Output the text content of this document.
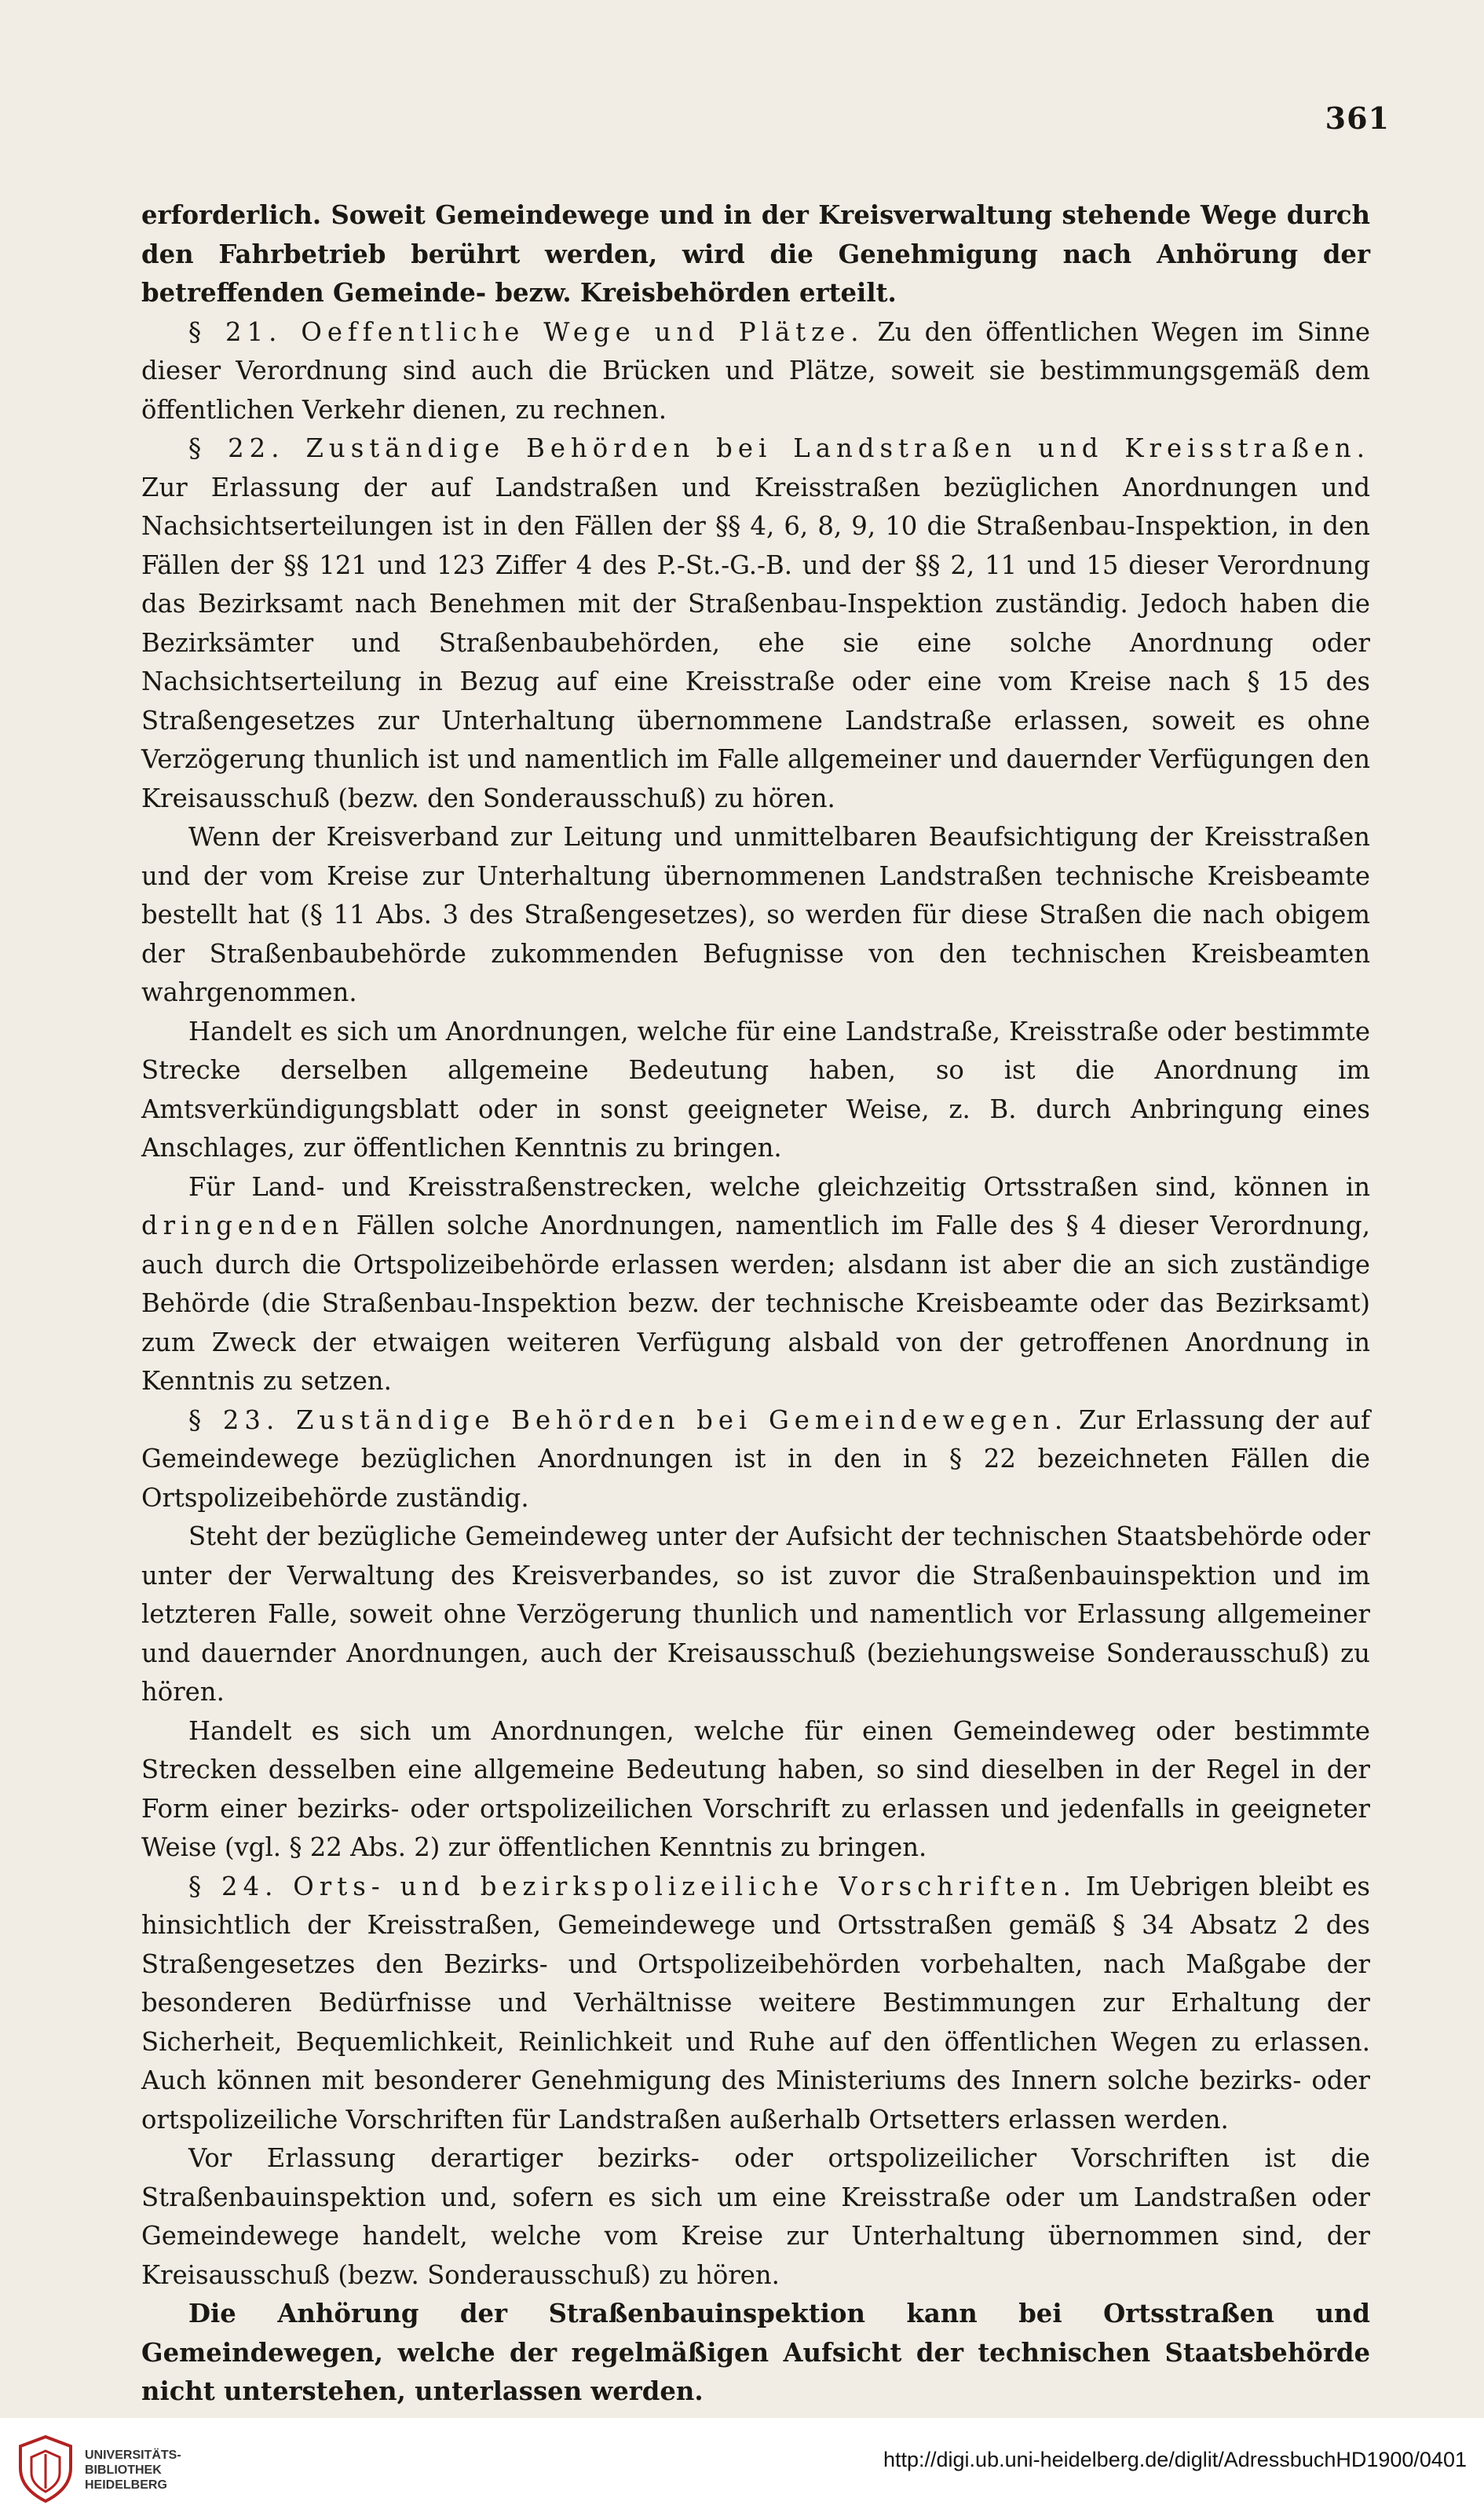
361

erforderlich. Soweit Gemeindewege und in der Kreisverwaltung stehende Wege durch den Fahrbetrieb berührt werden, wird die Genehmigung nach Anhörung der betreffenden Gemeinde- bezw. Kreisbehörden erteilt.

§ 21. Oeffentliche Wege und Plätze. Zu den öffentlichen Wegen im Sinne dieser Verordnung sind auch die Brücken und Plätze, soweit sie bestimmungsgemäß dem öffentlichen Verkehr dienen, zu rechnen.

§ 22. Zuständige Behörden bei Landstraßen und Kreisstraßen. Zur Erlassung der auf Landstraßen und Kreisstraßen bezüglichen Anordnungen und Nachsichtserteilungen ist in den Fällen der §§ 4, 6, 8, 9, 10 die Straßenbau-Inspektion, in den Fällen der §§ 121 und 123 Ziffer 4 des P.-St.-G.-B. und der §§ 2, 11 und 15 dieser Verordnung das Bezirksamt nach Benehmen mit der Straßenbau-Inspektion zuständig. Jedoch haben die Bezirksämter und Straßenbaubehörden, ehe sie eine solche Anordnung oder Nachsichtserteilung in Bezug auf eine Kreisstraße oder eine vom Kreise nach § 15 des Straßengesetzes zur Unterhaltung übernommene Landstraße erlassen, soweit es ohne Verzögerung thunlich ist und namentlich im Falle allgemeiner und dauernder Verfügungen den Kreisausschuß (bezw. den Sonderausschuß) zu hören.

Wenn der Kreisverband zur Leitung und unmittelbaren Beaufsichtigung der Kreisstraßen und der vom Kreise zur Unterhaltung übernommenen Landstraßen technische Kreisbeamte bestellt hat (§ 11 Abs. 3 des Straßengesetzes), so werden für diese Straßen die nach obigem der Straßenbaubehörde zukommenden Befugnisse von den technischen Kreisbeamten wahrgenommen.

Handelt es sich um Anordnungen, welche für eine Landstraße, Kreisstraße oder bestimmte Strecke derselben allgemeine Bedeutung haben, so ist die Anordnung im Amtsverkündigungsblatt oder in sonst geeigneter Weise, z. B. durch Anbringung eines Anschlages, zur öffentlichen Kenntnis zu bringen.

Für Land- und Kreisstraßenstrecken, welche gleichzeitig Ortsstraßen sind, können in dringenden Fällen solche Anordnungen, namentlich im Falle des § 4 dieser Verordnung, auch durch die Ortspolizeibehörde erlassen werden; alsdann ist aber die an sich zuständige Behörde (die Straßenbau-Inspektion bezw. der technische Kreisbeamte oder das Bezirksamt) zum Zweck der etwaigen weiteren Verfügung alsbald von der getroffenen Anordnung in Kenntnis zu setzen.

§ 23. Zuständige Behörden bei Gemeindewegen. Zur Erlassung der auf Gemeindewege bezüglichen Anordnungen ist in den in § 22 bezeichneten Fällen die Ortspolizeibehörde zuständig.

Steht der bezügliche Gemeindeweg unter der Aufsicht der technischen Staatsbehörde oder unter der Verwaltung des Kreisverbandes, so ist zuvor die Straßenbauinspektion und im letzteren Falle, soweit ohne Verzögerung thunlich und namentlich vor Erlassung allgemeiner und dauernder Anordnungen, auch der Kreisausschuß (beziehungsweise Sonderausschuß) zu hören.

Handelt es sich um Anordnungen, welche für einen Gemeindeweg oder bestimmte Strecken desselben eine allgemeine Bedeutung haben, so sind dieselben in der Regel in der Form einer bezirks- oder ortspolizeilichen Vorschrift zu erlassen und jedenfalls in geeigneter Weise (vgl. § 22 Abs. 2) zur öffentlichen Kenntnis zu bringen.

§ 24. Orts- und bezirkspolizeiliche Vorschriften. Im Uebrigen bleibt es hinsichtlich der Kreisstraßen, Gemeindewege und Ortsstraßen gemäß § 34 Absatz 2 des Straßengesetzes den Bezirks- und Ortspolizeibehörden vorbehalten, nach Maßgabe der besonderen Bedürfnisse und Verhältnisse weitere Bestimmungen zur Erhaltung der Sicherheit, Bequemlichkeit, Reinlichkeit und Ruhe auf den öffentlichen Wegen zu erlassen. Auch können mit besonderer Genehmigung des Ministeriums des Innern solche bezirks- oder ortspolizeiliche Vorschriften für Landstraßen außerhalb Ortsetters erlassen werden.

Vor Erlassung derartiger bezirks- oder ortspolizeilicher Vorschriften ist die Straßenbauinspektion und, sofern es sich um eine Kreisstraße oder um Landstraßen oder Gemeindewege handelt, welche vom Kreise zur Unterhaltung übernommen sind, der Kreisausschuß (bezw. Sonderausschuß) zu hören.

Die Anhörung der Straßenbauinspektion kann bei Ortsstraßen und Gemeindewegen, welche der regelmäßigen Aufsicht der technischen Staatsbehörde nicht unterstehen, unterlassen werden.

UNIVERSITÄTS-
BIBLIOTHEK
HEIDELBERG
http://digi.ub.uni-heidelberg.de/diglit/AdressbuchHD1900/0401
